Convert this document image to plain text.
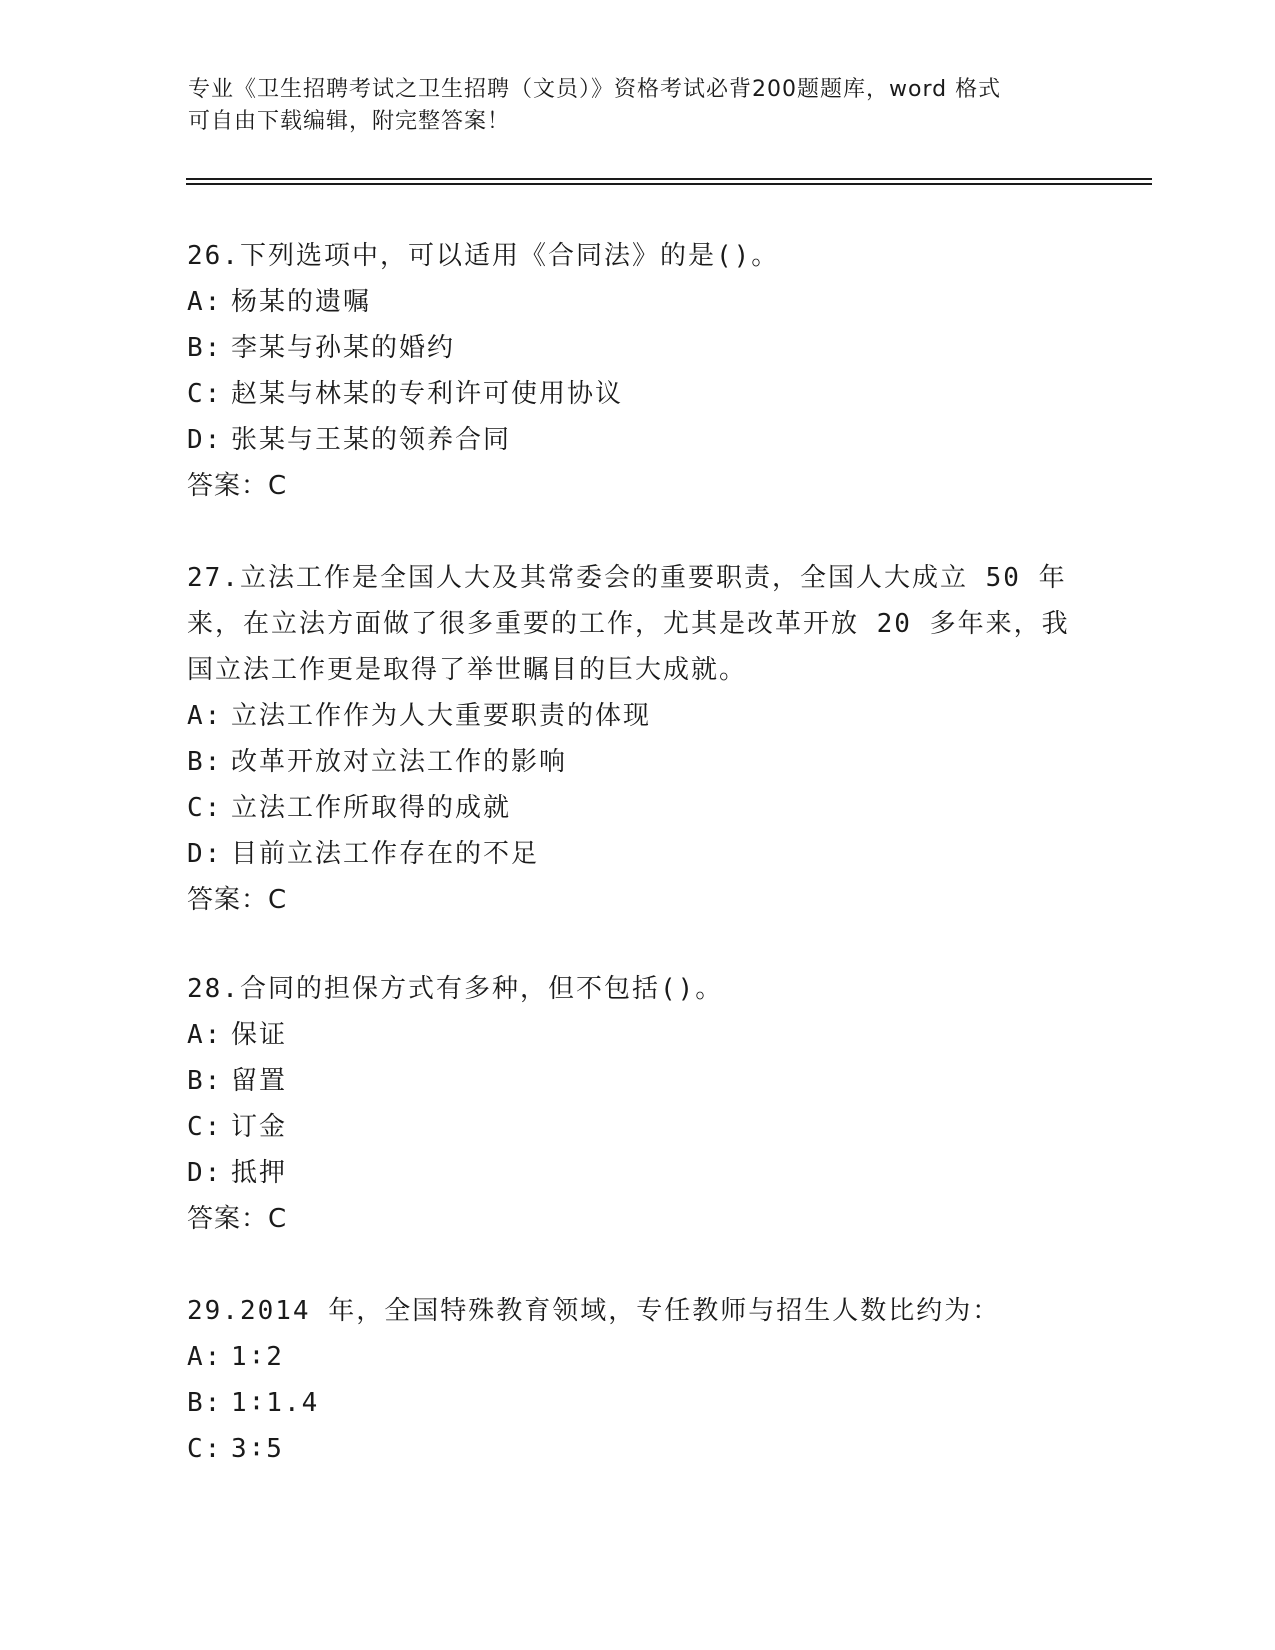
专业《卫生招聘考试之卫生招聘（文员）》资格考试必背200题题库，word 格式
可自由下载编辑，附完整答案！
26.下列选项中，可以适用《合同法》的是()。
A: 杨某的遗嘱
B: 李某与孙某的婚约
C: 赵某与林某的专利许可使用协议
D: 张某与王某的领养合同
答案：C
27.立法工作是全国人大及其常委会的重要职责，全国人大成立 50 年
来，在立法方面做了很多重要的工作，尤其是改革开放 20 多年来，我
国立法工作更是取得了举世瞩目的巨大成就。
A: 立法工作作为人大重要职责的体现
B: 改革开放对立法工作的影响
C: 立法工作所取得的成就
D: 目前立法工作存在的不足
答案：C
28.合同的担保方式有多种，但不包括()。
A: 保证
B: 留置
C: 订金
D: 抵押
答案：C
29.2014 年，全国特殊教育领域，专任教师与招生人数比约为：
A: 1∶2
B: 1∶1.4
C: 3∶5
